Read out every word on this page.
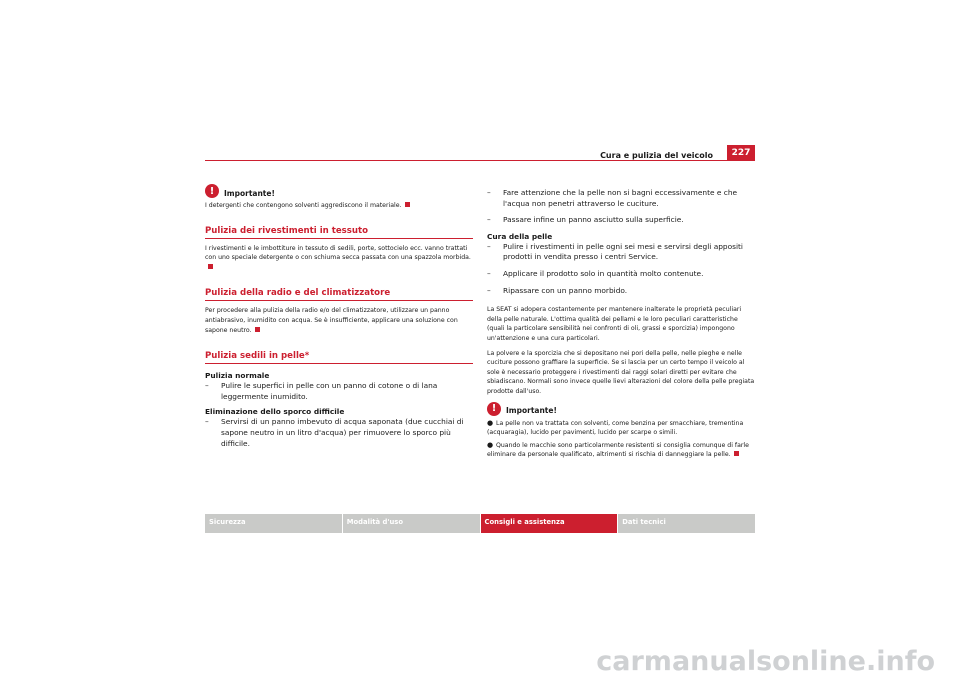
Cura e pulizia del veicolo	227
!	Importante!

I detergenti che contengono solventi aggrediscono il materiale.

Pulizia dei rivestimenti in tessuto

I rivestimenti e le imbottiture in tessuto di sedili, porte, sottocielo ecc. vanno trattati con uno speciale detergente o con schiuma secca passata con una spazzola morbida.

Pulizia della radio e del climatizzatore

Per procedere alla pulizia della radio e/o del climatizzatore, utilizzare un panno antiabrasivo, inumidito con acqua. Se è insufficiente, applicare una soluzione con sapone neutro.

Pulizia sedili in pelle*
Pulizia normale

– Pulire le superfici in pelle con un panno di cotone o di lana leggermente inumidito.

Eliminazione dello sporco difficile

– Servirsi di un panno imbevuto di acqua saponata (due cucchiai di sapone neutro in un litro d'acqua) per rimuovere lo sporco più difficile.

– Fare attenzione che la pelle non si bagni eccessivamente e che l'acqua non penetri attraverso le cuciture.

– Passare infine un panno asciutto sulla superficie.

Cura della pelle

– Pulire i rivestimenti in pelle ogni sei mesi e servirsi degli appositi prodotti in vendita presso i centri Service.

– Applicare il prodotto solo in quantità molto contenute.

– Ripassare con un panno morbido.

La SEAT si adopera costantemente per mantenere inalterate le proprietà peculiari della pelle naturale. L'ottima qualità dei pellami e le loro peculiari caratteristiche (quali la particolare sensibilità nei confronti di oli, grassi e sporcizia) impongono un'attenzione e una cura particolari.

La polvere e la sporcizia che si depositano nei pori della pelle, nelle pieghe e nelle cuciture possono graffiare la superficie. Se si lascia per un certo tempo il veicolo al sole è necessario proteggere i rivestimenti dai raggi solari diretti per evitare che sbiadiscano. Normali sono invece quelle lievi alterazioni del colore della pelle pregiata prodotte dall'uso.

!	Importante!

● La pelle non va trattata con solventi, come benzina per smacchiare, trementina (acquaragia), lucido per pavimenti, lucido per scarpe o simili.

● Quando le macchie sono particolarmente resistenti si consiglia comunque di farle eliminare da personale qualificato, altrimenti si rischia di danneggiare la pelle.

Sicurezza	Modalità d'uso	Consigli e assistenza	Dati tecnici
carmanualsonline.info
